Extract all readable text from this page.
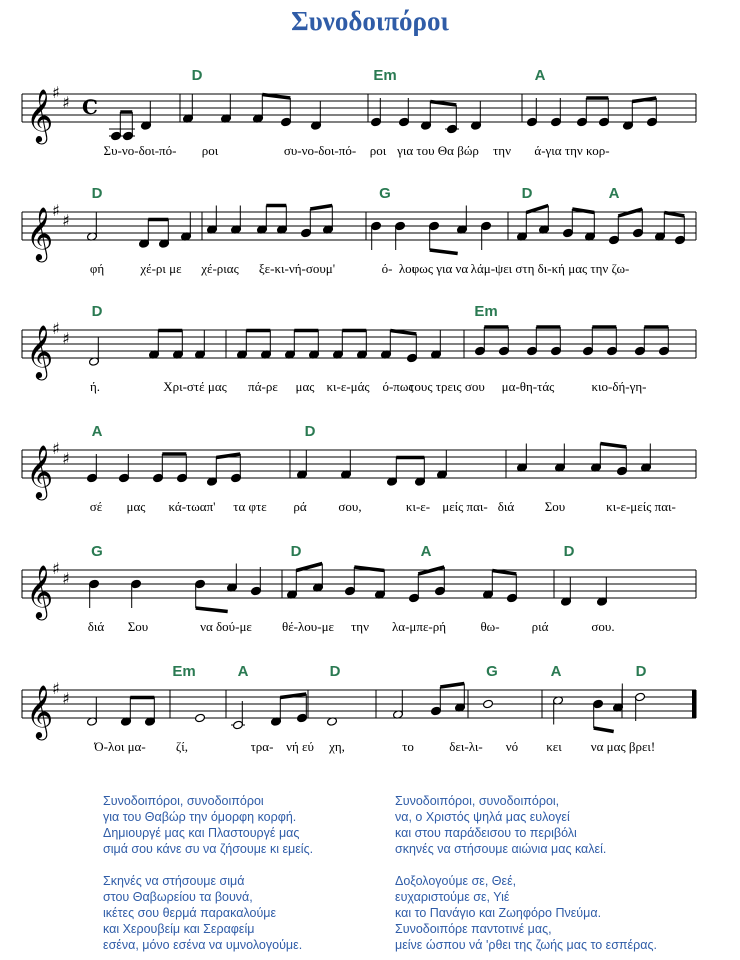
Συνοδοιπόροι
𝄞
♯
♯ C
D	Em	A
Συ-νο-δοι-πό- ροι	συ-νο-δοι-πό- ροι για του Θα βώρ την ά-για την κορ-
𝄞
♯
♯
D	G	D	A
φή	χέ-ρι με χέ-ριας ξε-κι-νή-σουμ'	ό- λοι
φως για να λάμ-ψει στη δι-κή μας την ζω-
𝄞
♯
♯
D	Em
ή.	Χρι-στέ μας πά-ρε μας κι-ε-μάς ό-πως
τους τρεις σου μα-θη-τάς	κιο-δή-γη-
𝄞
♯
♯
A	D
σέ μας κά-τωαπ' τα φτε ρά σου,	κι-ε- μείς παι- διά Σου	κι-ε-μείς παι-
𝄞
♯
♯
G	D	A	D
διά Σου	να δού-με θέ-λου-με την λα-μπε-ρή	θω- ριά	σου.
𝄞
♯
♯
Em	A	D	G	A	D
Ό-λοι μα- ζί,	τρα- νή εύ χη,	το	δει-λι- νό κει να μας βρει!
Συνοδοιπόροι, συνοδοιπόροι
για του Θαβώρ την όμορφη κορφή.
Δημιουργέ μας και Πλαστουργέ μας
σιμά σου κάνε συ να ζήσουμε κι εμείς.
Σκηνές να στήσουμε σιμά
στου Θαβωρείου τα βουνά,
ικέτες σου θερμά παρακαλούμε
και Χερουβείμ και Σεραφείμ
εσένα, μόνο εσένα να υμνολογούμε.
Συνοδοιπόροι, συνοδοιπόροι,
να, ο Χριστός ψηλά μας ευλογεί
και στου παράδεισου το περιβόλι
σκηνές να στήσουμε αιώνια μας καλεί.
Δοξολογούμε σε, Θεέ,
ευχαριστούμε σε, Υιέ
και το Πανάγιο και Ζωηφόρο Πνεύμα.
Συνοδοιπόρε παντοτινέ μας,
μείνε ώσπου νά 'ρθει της ζωής μας το εσπέρας.
